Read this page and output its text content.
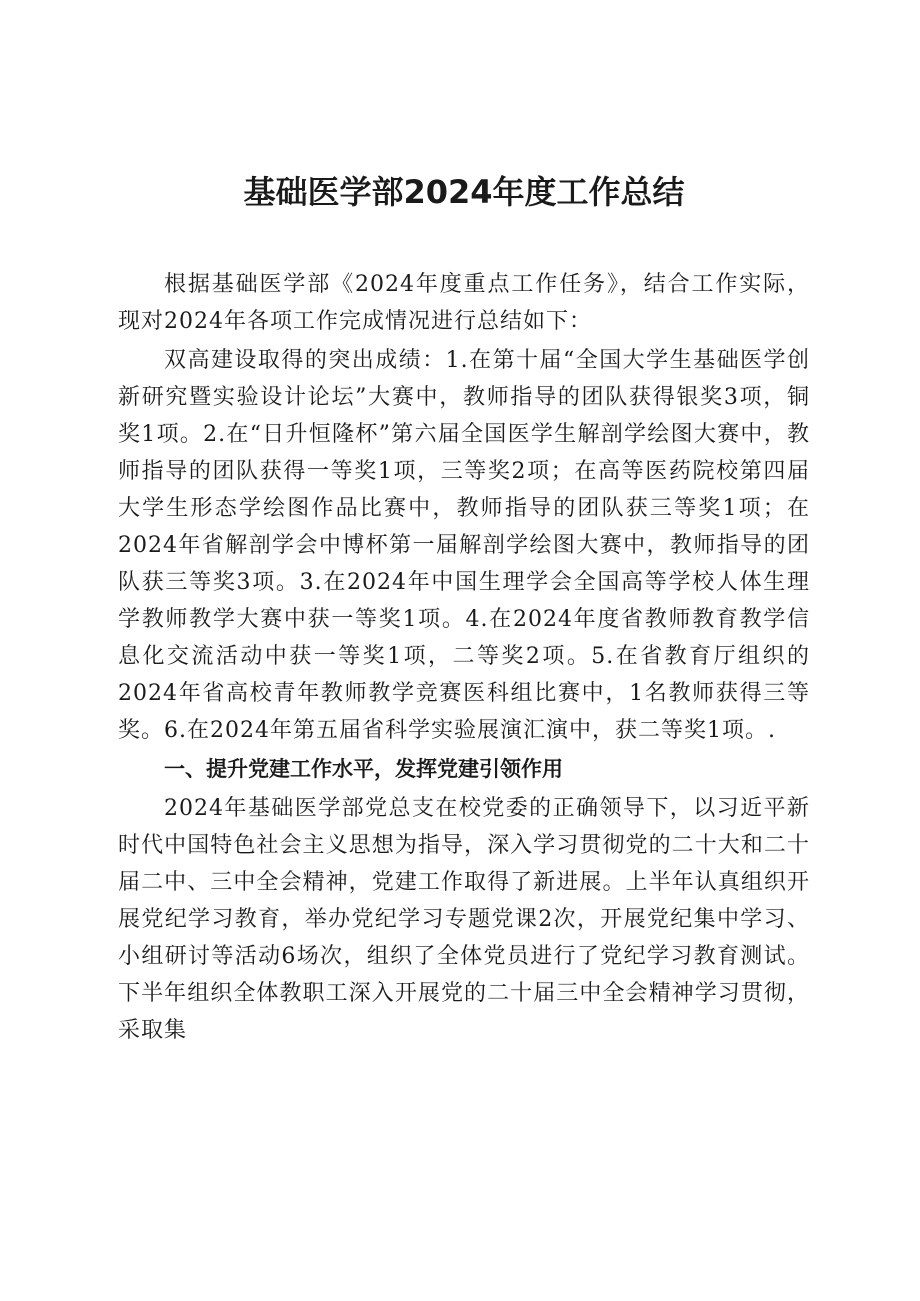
基础医学部2024年度工作总结

根据基础医学部《2024年度重点工作任务》，结合工作实际，现对2024年各项工作完成情况进行总结如下：

双高建设取得的突出成绩：1.在第十届“全国大学生基础医学创新研究暨实验设计论坛”大赛中，教师指导的团队获得银奖3项，铜奖1项。2.在“日升恒隆杯”第六届全国医学生解剖学绘图大赛中，教师指导的团队获得一等奖1项，三等奖2项；在高等医药院校第四届大学生形态学绘图作品比赛中，教师指导的团队获三等奖1项；在2024年省解剖学会中博杯第一届解剖学绘图大赛中，教师指导的团队获三等奖3项。3.在2024年中国生理学会全国高等学校人体生理学教师教学大赛中获一等奖1项。4.在2024年度省教师教育教学信息化交流活动中获一等奖1项，二等奖2项。5.在省教育厅组织的2024年省高校青年教师教学竞赛医科组比赛中，1名教师获得三等奖。6.在2024年第五届省科学实验展演汇演中，获二等奖1项。.

一、提升党建工作水平，发挥党建引领作用

2024年基础医学部党总支在校党委的正确领导下，以习近平新时代中国特色社会主义思想为指导，深入学习贯彻党的二十大和二十届二中、三中全会精神，党建工作取得了新进展。上半年认真组织开展党纪学习教育，举办党纪学习专题党课2次，开展党纪集中学习、小组研讨等活动6场次，组织了全体党员进行了党纪学习教育测试。下半年组织全体教职工深入开展党的二十届三中全会精神学习贯彻，采取集
